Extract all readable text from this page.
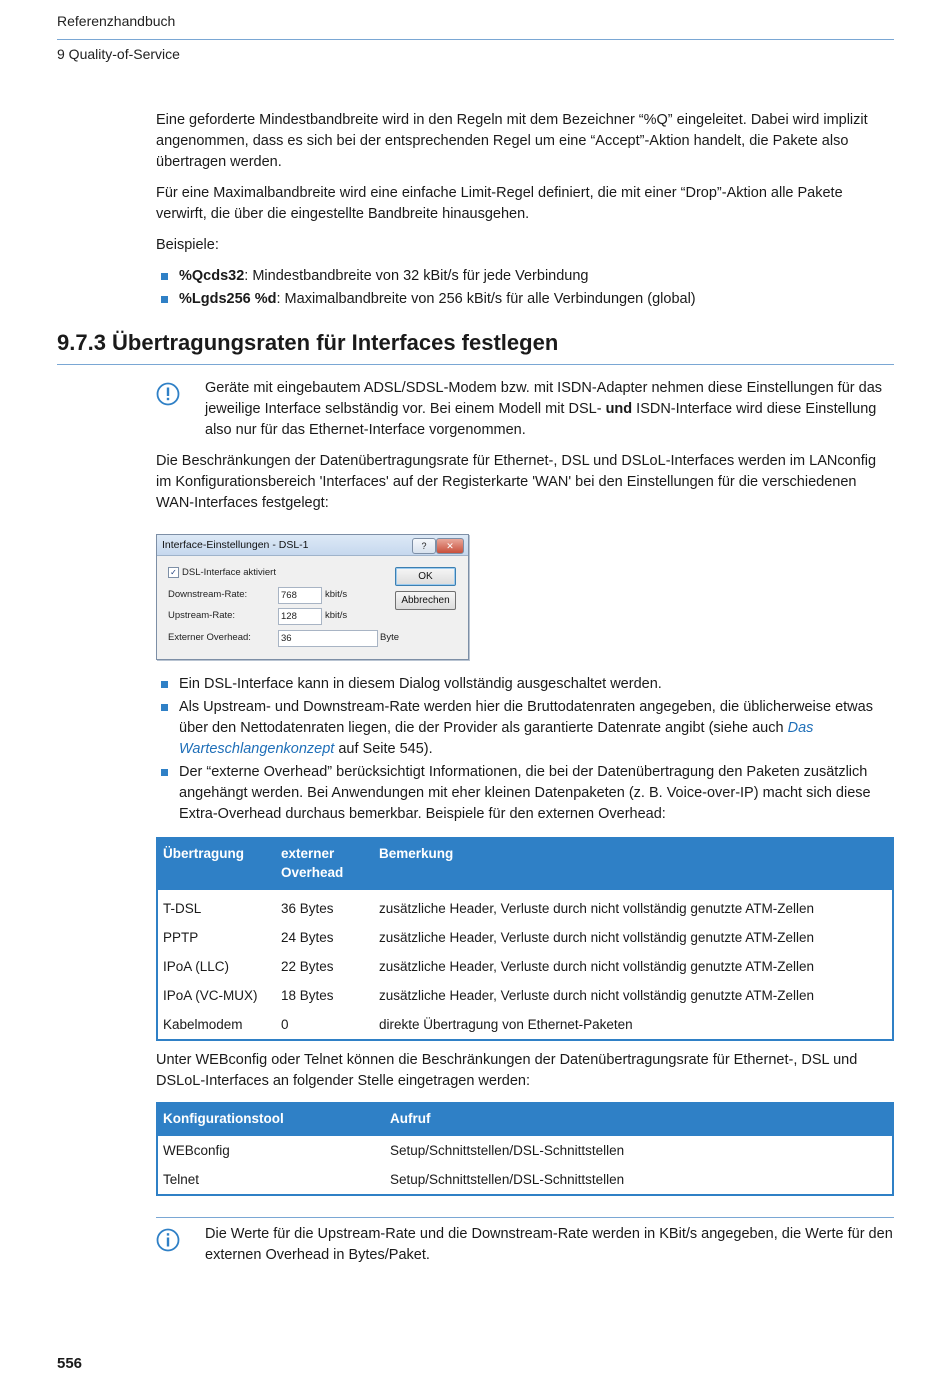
Referenzhandbuch
9 Quality-of-Service

Eine geforderte Mindestbandbreite wird in den Regeln mit dem Bezeichner “%Q” eingeleitet. Dabei wird implizit angenommen, dass es sich bei der entsprechenden Regel um eine “Accept”-Aktion handelt, die Pakete also übertragen werden.

Für eine Maximalbandbreite wird eine einfache Limit-Regel definiert, die mit einer “Drop”-Aktion alle Pakete verwirft, die über die eingestellte Bandbreite hinausgehen.

Beispiele:

%Qcds32: Mindestbandbreite von 32 kBit/s für jede Verbindung
%Lgds256 %d: Maximalbandbreite von 256 kBit/s für alle Verbindungen (global)
9.7.3 Übertragungsraten für Interfaces festlegen
Geräte mit eingebautem ADSL/SDSL-Modem bzw. mit ISDN-Adapter nehmen diese Einstellungen für das jeweilige Interface selbständig vor. Bei einem Modell mit DSL- und ISDN-Interface wird diese Einstellung also nur für das Ethernet-Interface vorgenommen.
Die Beschränkungen der Datenübertragungsrate für Ethernet-, DSL und DSLoL-Interfaces werden im LANconfig im Konfigurationsbereich 'Interfaces' auf der Registerkarte 'WAN' bei den Einstellungen für die verschiedenen WAN-Interfaces festgelegt:
Interface-Einstellungen - DSL-1	?	✕
✓ DSL-Interface aktiviert
Downstream-Rate:	768	kbit/s
Upstream-Rate:	128	kbit/s
Externer Overhead:	36	Byte
OK
Abbrechen
Ein DSL-Interface kann in diesem Dialog vollständig ausgeschaltet werden.
Als Upstream- und Downstream-Rate werden hier die Bruttodatenraten angegeben, die üblicherweise etwas über den Nettodatenraten liegen, die der Provider als garantierte Datenrate angibt (siehe auch Das Warteschlangenkonzept auf Seite 545).
Der “externe Overhead” berücksichtigt Informationen, die bei der Datenübertragung den Paketen zusätzlich angehängt werden. Bei Anwendungen mit eher kleinen Datenpaketen (z. B. Voice-over-IP) macht sich diese Extra-Overhead durchaus bemerkbar. Beispiele für den externen Overhead:
Übertragung	externer Overhead	Bemerkung
T-DSL	36 Bytes	zusätzliche Header, Verluste durch nicht vollständig genutzte ATM-Zellen
PPTP	24 Bytes	zusätzliche Header, Verluste durch nicht vollständig genutzte ATM-Zellen
IPoA (LLC)	22 Bytes	zusätzliche Header, Verluste durch nicht vollständig genutzte ATM-Zellen
IPoA (VC-MUX)	18 Bytes	zusätzliche Header, Verluste durch nicht vollständig genutzte ATM-Zellen
Kabelmodem	0	direkte Übertragung von Ethernet-Paketen
Unter WEBconfig oder Telnet können die Beschränkungen der Datenübertragungsrate für Ethernet-, DSL und DSLoL-Interfaces an folgender Stelle eingetragen werden:
Konfigurationstool	Aufruf
WEBconfig	Setup/Schnittstellen/DSL-Schnittstellen
Telnet	Setup/Schnittstellen/DSL-Schnittstellen
Die Werte für die Upstream-Rate und die Downstream-Rate werden in KBit/s angegeben, die Werte für den externen Overhead in Bytes/Paket.
556
